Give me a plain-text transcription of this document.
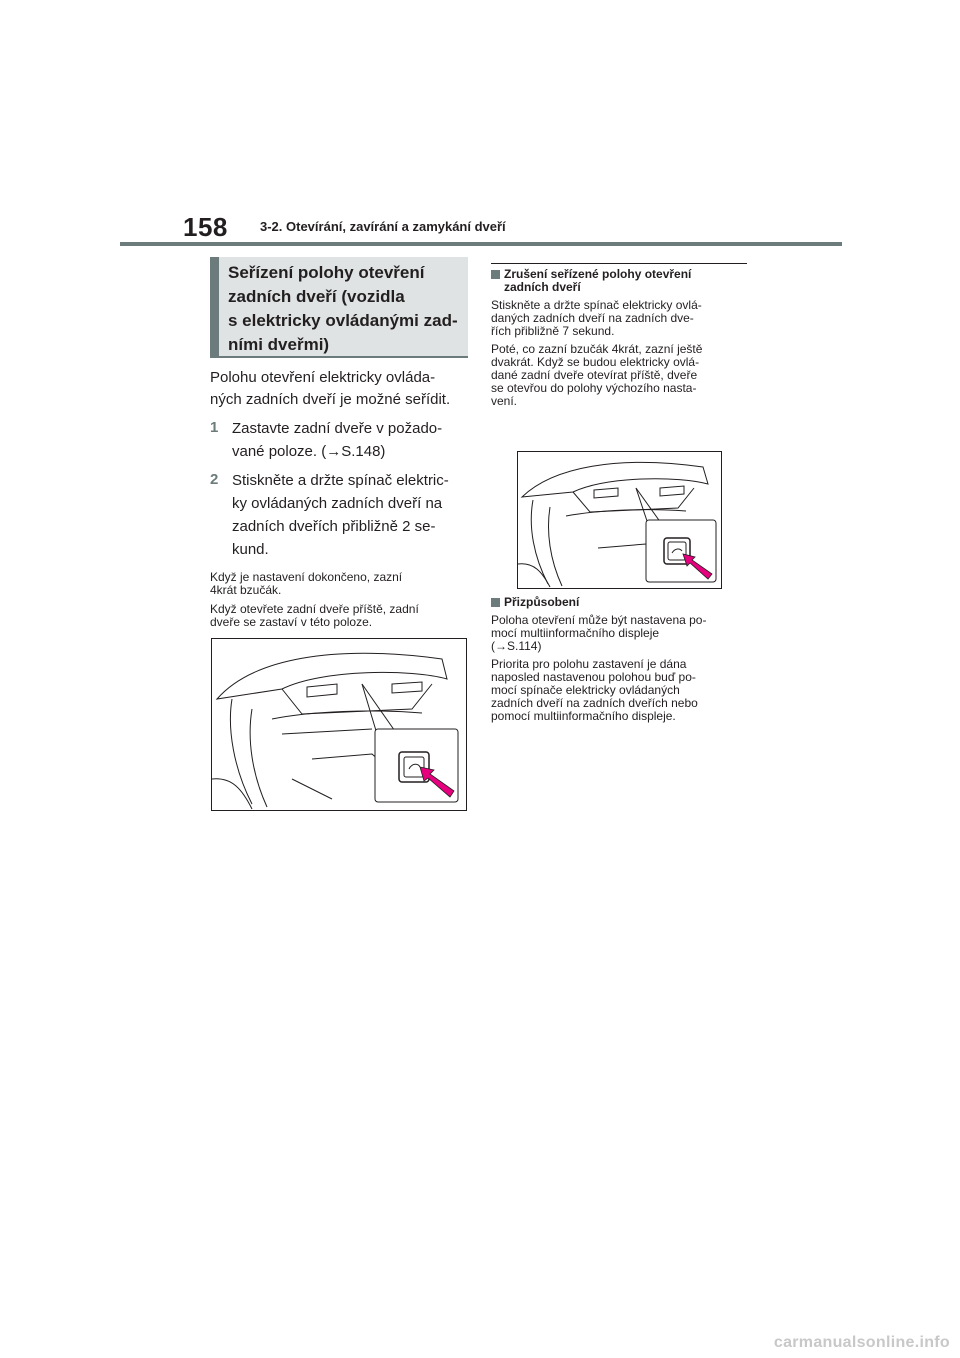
158 3-2. Otevírání, zavírání a zamykání dveří
Seřízení polohy otevření
zadních dveří (vozidla
s elektricky ovládanými zad-
ními dveřmi)

Polohu otevření elektricky ovláda-
ných zadních dveří je možné seřídit.

1 Zastavte zadní dveře v požado-
vané poloze. (→S.148)
2 Stiskněte a držte spínač elektric-
ky ovládaných zadních dveří na
zadních dveřích přibližně 2 se-
kund.

Když je nastavení dokončeno, zazní
4krát bzučák.

Když otevřete zadní dveře příště, zadní
dveře se zastaví v této poloze.

Zrušení seřízené polohy otevření
zadních dveří

Stiskněte a držte spínač elektricky ovlá-
daných zadních dveří na zadních dve-
řích přibližně 7 sekund.

Poté, co zazní bzučák 4krát, zazní ještě
dvakrát. Když se budou elektricky ovlá-
dané zadní dveře otevírat příště, dveře
se otevřou do polohy výchozího nasta-
vení.

Přizpůsobení

Poloha otevření může být nastavena po-
mocí multiinformačního displeje
(→S.114)

Priorita pro polohu zastavení je dána
naposled nastavenou polohou buď po-
mocí spínače elektricky ovládaných
zadních dveří na zadních dveřích nebo
pomocí multiinformačního displeje.

carmanualsonline.info
